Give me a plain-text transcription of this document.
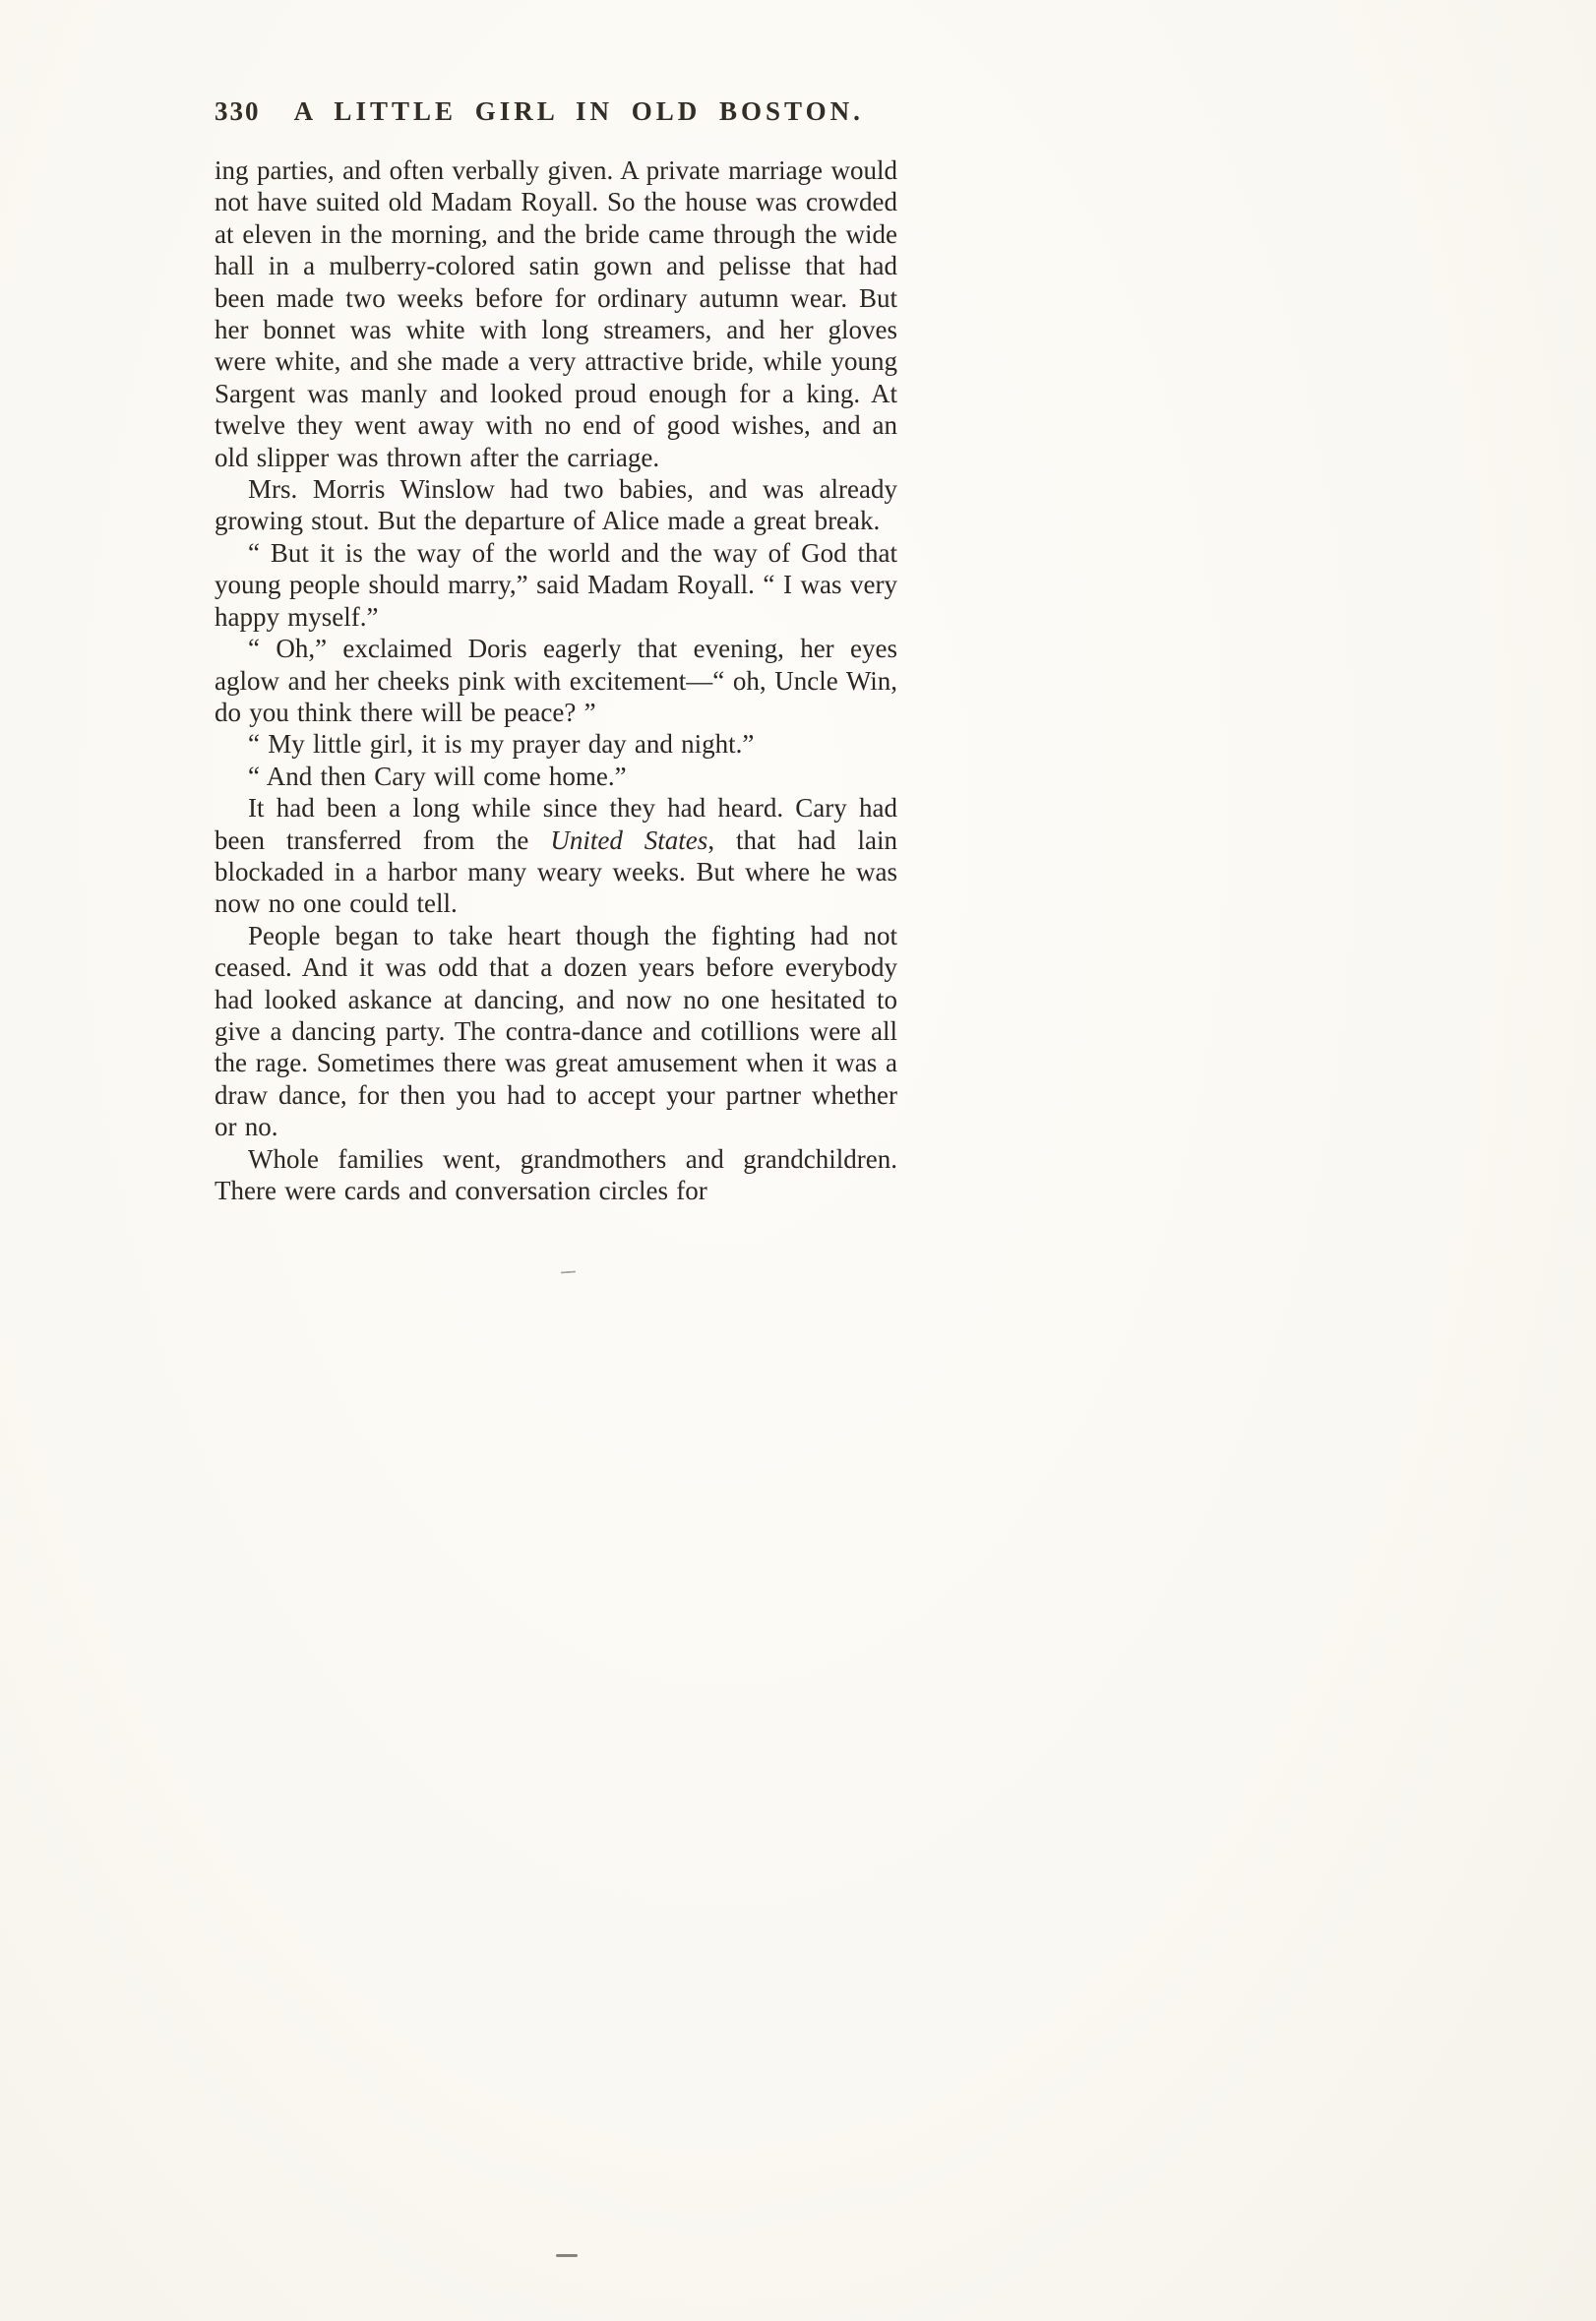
330	A LITTLE GIRL IN OLD BOSTON.

ing parties, and often verbally given. A private marriage would not have suited old Madam Royall. So the house was crowded at eleven in the morning, and the bride came through the wide hall in a mulberry-colored satin gown and pelisse that had been made two weeks before for ordinary autumn wear. But her bonnet was white with long streamers, and her gloves were white, and she made a very attractive bride, while young Sargent was manly and looked proud enough for a king. At twelve they went away with no end of good wishes, and an old slipper was thrown after the carriage.

Mrs. Morris Winslow had two babies, and was already growing stout. But the departure of Alice made a great break.

“ But it is the way of the world and the way of God that young people should marry,” said Madam Royall. “ I was very happy myself.”

“ Oh,” exclaimed Doris eagerly that evening, her eyes aglow and her cheeks pink with excitement—“ oh, Uncle Win, do you think there will be peace? ”

“ My little girl, it is my prayer day and night.”

“ And then Cary will come home.”

It had been a long while since they had heard. Cary had been transferred from the United States, that had lain blockaded in a harbor many weary weeks. But where he was now no one could tell.

People began to take heart though the fighting had not ceased. And it was odd that a dozen years before everybody had looked askance at dancing, and now no one hesitated to give a dancing party. The contra-dance and cotillions were all the rage. Sometimes there was great amusement when it was a draw dance, for then you had to accept your partner whether or no.

Whole families went, grandmothers and grandchildren. There were cards and conversation circles for
